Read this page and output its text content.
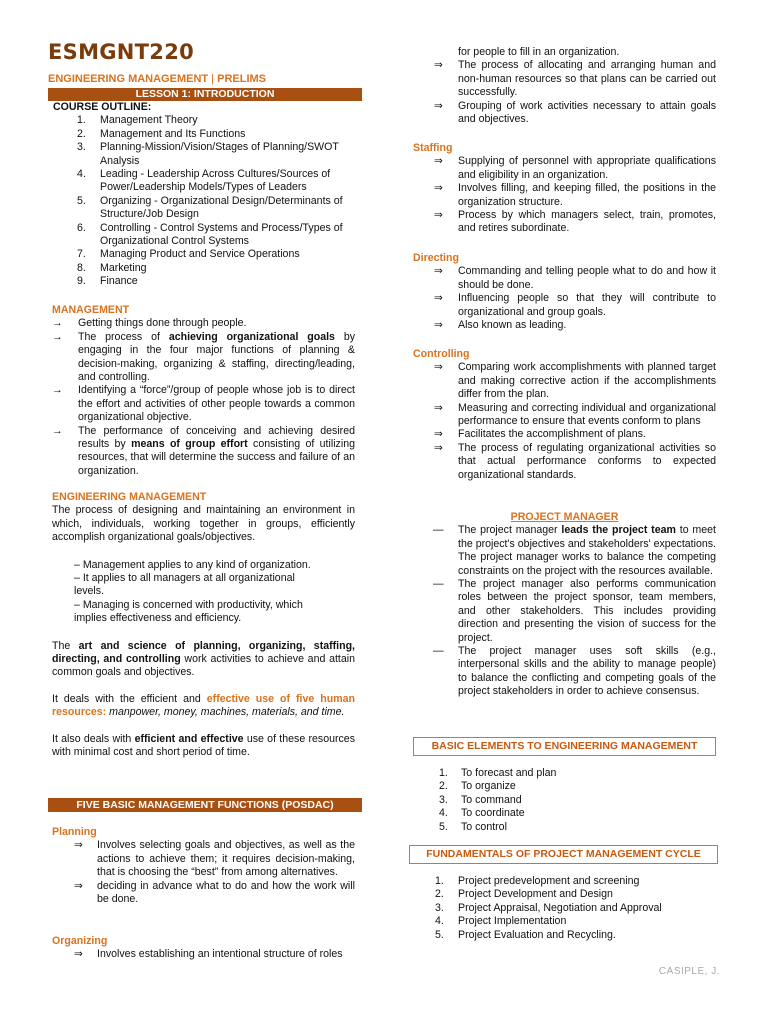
ESMGNT220
ENGINEERING MANAGEMENT | PRELIMS
LESSON 1: INTRODUCTION
COURSE OUTLINE:
1. Management Theory
2. Management and Its Functions
3. Planning-Mission/Vision/Stages of Planning/SWOT Analysis
4. Leading - Leadership Across Cultures/Sources of Power/Leadership Models/Types of Leaders
5. Organizing - Organizational Design/Determinants of Structure/Job Design
6. Controlling - Control Systems and Process/Types of Organizational Control Systems
7. Managing Product and Service Operations
8. Marketing
9. Finance
MANAGEMENT
→ Getting things done through people.
→ The process of achieving organizational goals by engaging in the four major functions of planning & decision-making, organizing & staffing, directing/leading, and controlling.
→ Identifying a “force”/group of people whose job is to direct the effort and activities of other people towards a common organizational objective.
→ The performance of conceiving and achieving desired results by means of group effort consisting of utilizing resources, that will determine the success and failure of an organization.
ENGINEERING MANAGEMENT
The process of designing and maintaining an environment in which, individuals, working together in groups, efficiently accomplish organizational goals/objectives.
– Management applies to any kind of organization.
– It applies to all managers at all organizational levels.
– Managing is concerned with productivity, which implies effectiveness and efficiency.
The art and science of planning, organizing, staffing, directing, and controlling work activities to achieve and attain common goals and objectives.
It deals with the efficient and effective use of five human resources: manpower, money, machines, materials, and time.
It also deals with efficient and effective use of these resources with minimal cost and short period of time.
FIVE BASIC MANAGEMENT FUNCTIONS (POSDAC)
Planning
⇒ Involves selecting goals and objectives, as well as the actions to achieve them; it requires decision-making, that is choosing the “best” from among alternatives.
⇒ deciding in advance what to do and how the work will be done.
Organizing
⇒ Involves establishing an intentional structure of roles
for people to fill in an organization.
⇒ The process of allocating and arranging human and non-human resources so that plans can be carried out successfully.
⇒ Grouping of work activities necessary to attain goals and objectives.
Staffing
⇒ Supplying of personnel with appropriate qualifications and eligibility in an organization.
⇒ Involves filling, and keeping filled, the positions in the organization structure.
⇒ Process by which managers select, train, promotes, and retires subordinate.
Directing
⇒ Commanding and telling people what to do and how it should be done.
⇒ Influencing people so that they will contribute to organizational and group goals.
⇒ Also known as leading.
Controlling
⇒ Comparing work accomplishments with planned target and making corrective action if the accomplishments differ from the plan.
⇒ Measuring and correcting individual and organizational performance to ensure that events conform to plans
⇒ Facilitates the accomplishment of plans.
⇒ The process of regulating organizational activities so that actual performance conforms to expected organizational standards.
PROJECT MANAGER
— The project manager leads the project team to meet the project's objectives and stakeholders' expectations. The project manager works to balance the competing constraints on the project with the resources available.
— The project manager also performs communication roles between the project sponsor, team members, and other stakeholders. This includes providing direction and presenting the vision of success for the project.
— The project manager uses soft skills (e.g., interpersonal skills and the ability to manage people) to balance the conflicting and competing goals of the project stakeholders in order to achieve consensus.
BASIC ELEMENTS TO ENGINEERING MANAGEMENT
1. To forecast and plan
2. To organize
3. To command
4. To coordinate
5. To control
FUNDAMENTALS OF PROJECT MANAGEMENT CYCLE
1. Project predevelopment and screening
2. Project Development and Design
3. Project Appraisal, Negotiation and Approval
4. Project Implementation
5. Project Evaluation and Recycling.
CASIPLE, J.
